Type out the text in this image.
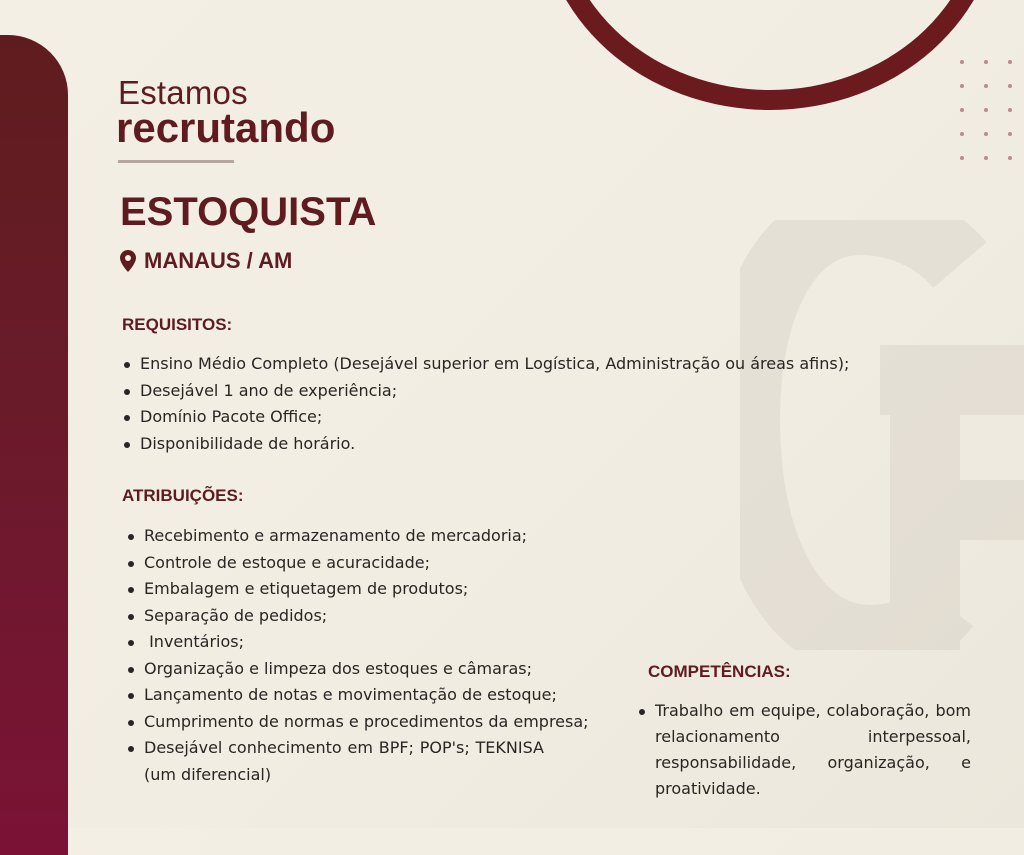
Estamos
recrutando
ESTOQUISTA
MANAUS / AM
REQUISITOS:
Ensino Médio Completo (Desejável superior em Logística, Administração ou áreas afins);
Desejável 1 ano de experiência;
Domínio Pacote Office;
Disponibilidade de horário.
ATRIBUIÇÕES:
Recebimento e armazenamento de mercadoria;
Controle de estoque e acuracidade;
Embalagem e etiquetagem de produtos;
Separação de pedidos;
Inventários;
Organização e limpeza dos estoques e câmaras;
Lançamento de notas e movimentação de estoque;
Cumprimento de normas e procedimentos da empresa;
Desejável conhecimento em BPF; POP's; TEKNISA (um diferencial)
COMPETÊNCIAS:
Trabalho em equipe, colaboração, bom relacionamento interpessoal, responsabilidade, organização, e proatividade.
